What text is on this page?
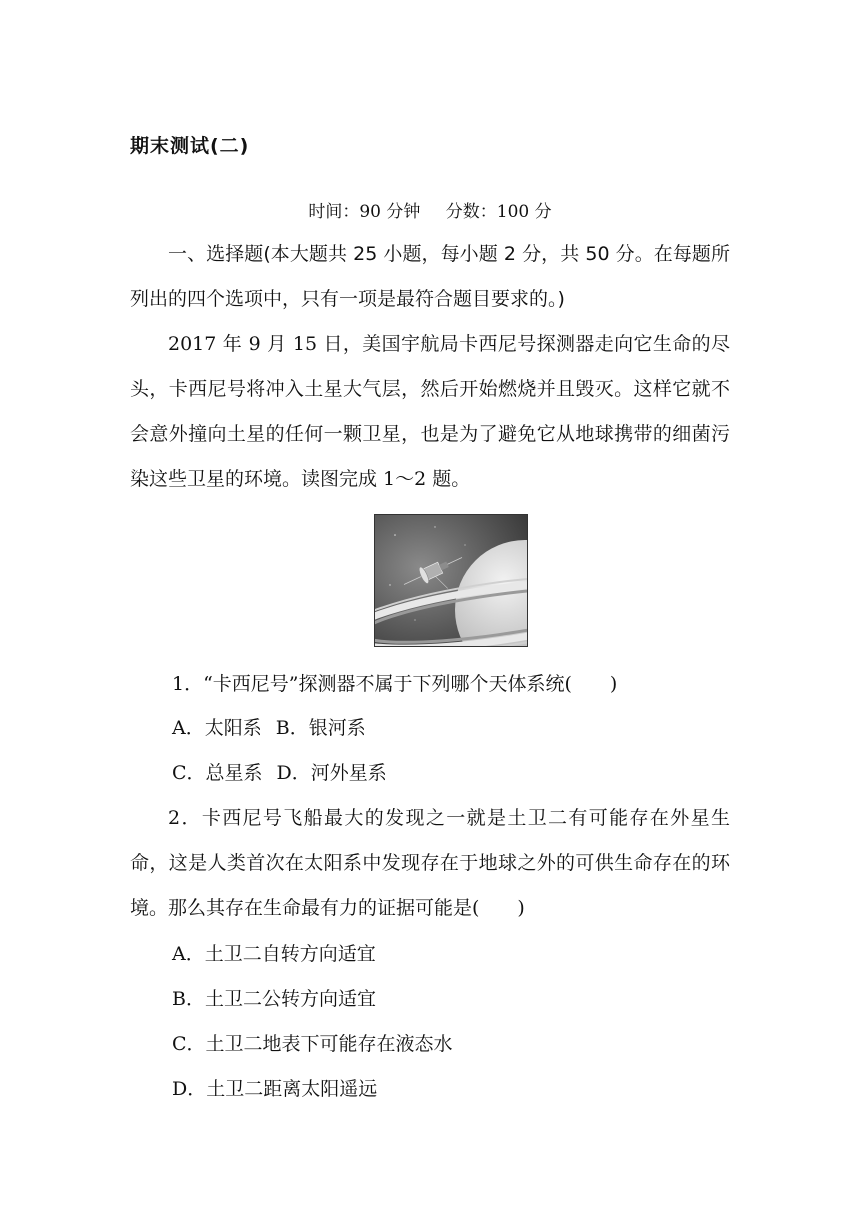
期末测试(二)
时间：90 分钟 分数：100 分
一、选择题(本大题共 25 小题，每小题 2 分，共 50 分。在每题所列出的四个选项中，只有一项是最符合题目要求的。)
2017 年 9 月 15 日，美国宇航局卡西尼号探测器走向它生命的尽头，卡西尼号将冲入土星大气层，然后开始燃烧并且毁灭。这样它就不会意外撞向土星的任何一颗卫星，也是为了避免它从地球携带的细菌污染这些卫星的环境。读图完成 1～2 题。
1．“卡西尼号”探测器不属于下列哪个天体系统(　　)
A．太阳系 B．银河系
C．总星系 D．河外星系
2．卡西尼号飞船最大的发现之一就是土卫二有可能存在外星生命，这是人类首次在太阳系中发现存在于地球之外的可供生命存在的环境。那么其存在生命最有力的证据可能是(　　)
A．土卫二自转方向适宜
B．土卫二公转方向适宜
C．土卫二地表下可能存在液态水
D．土卫二距离太阳遥远
